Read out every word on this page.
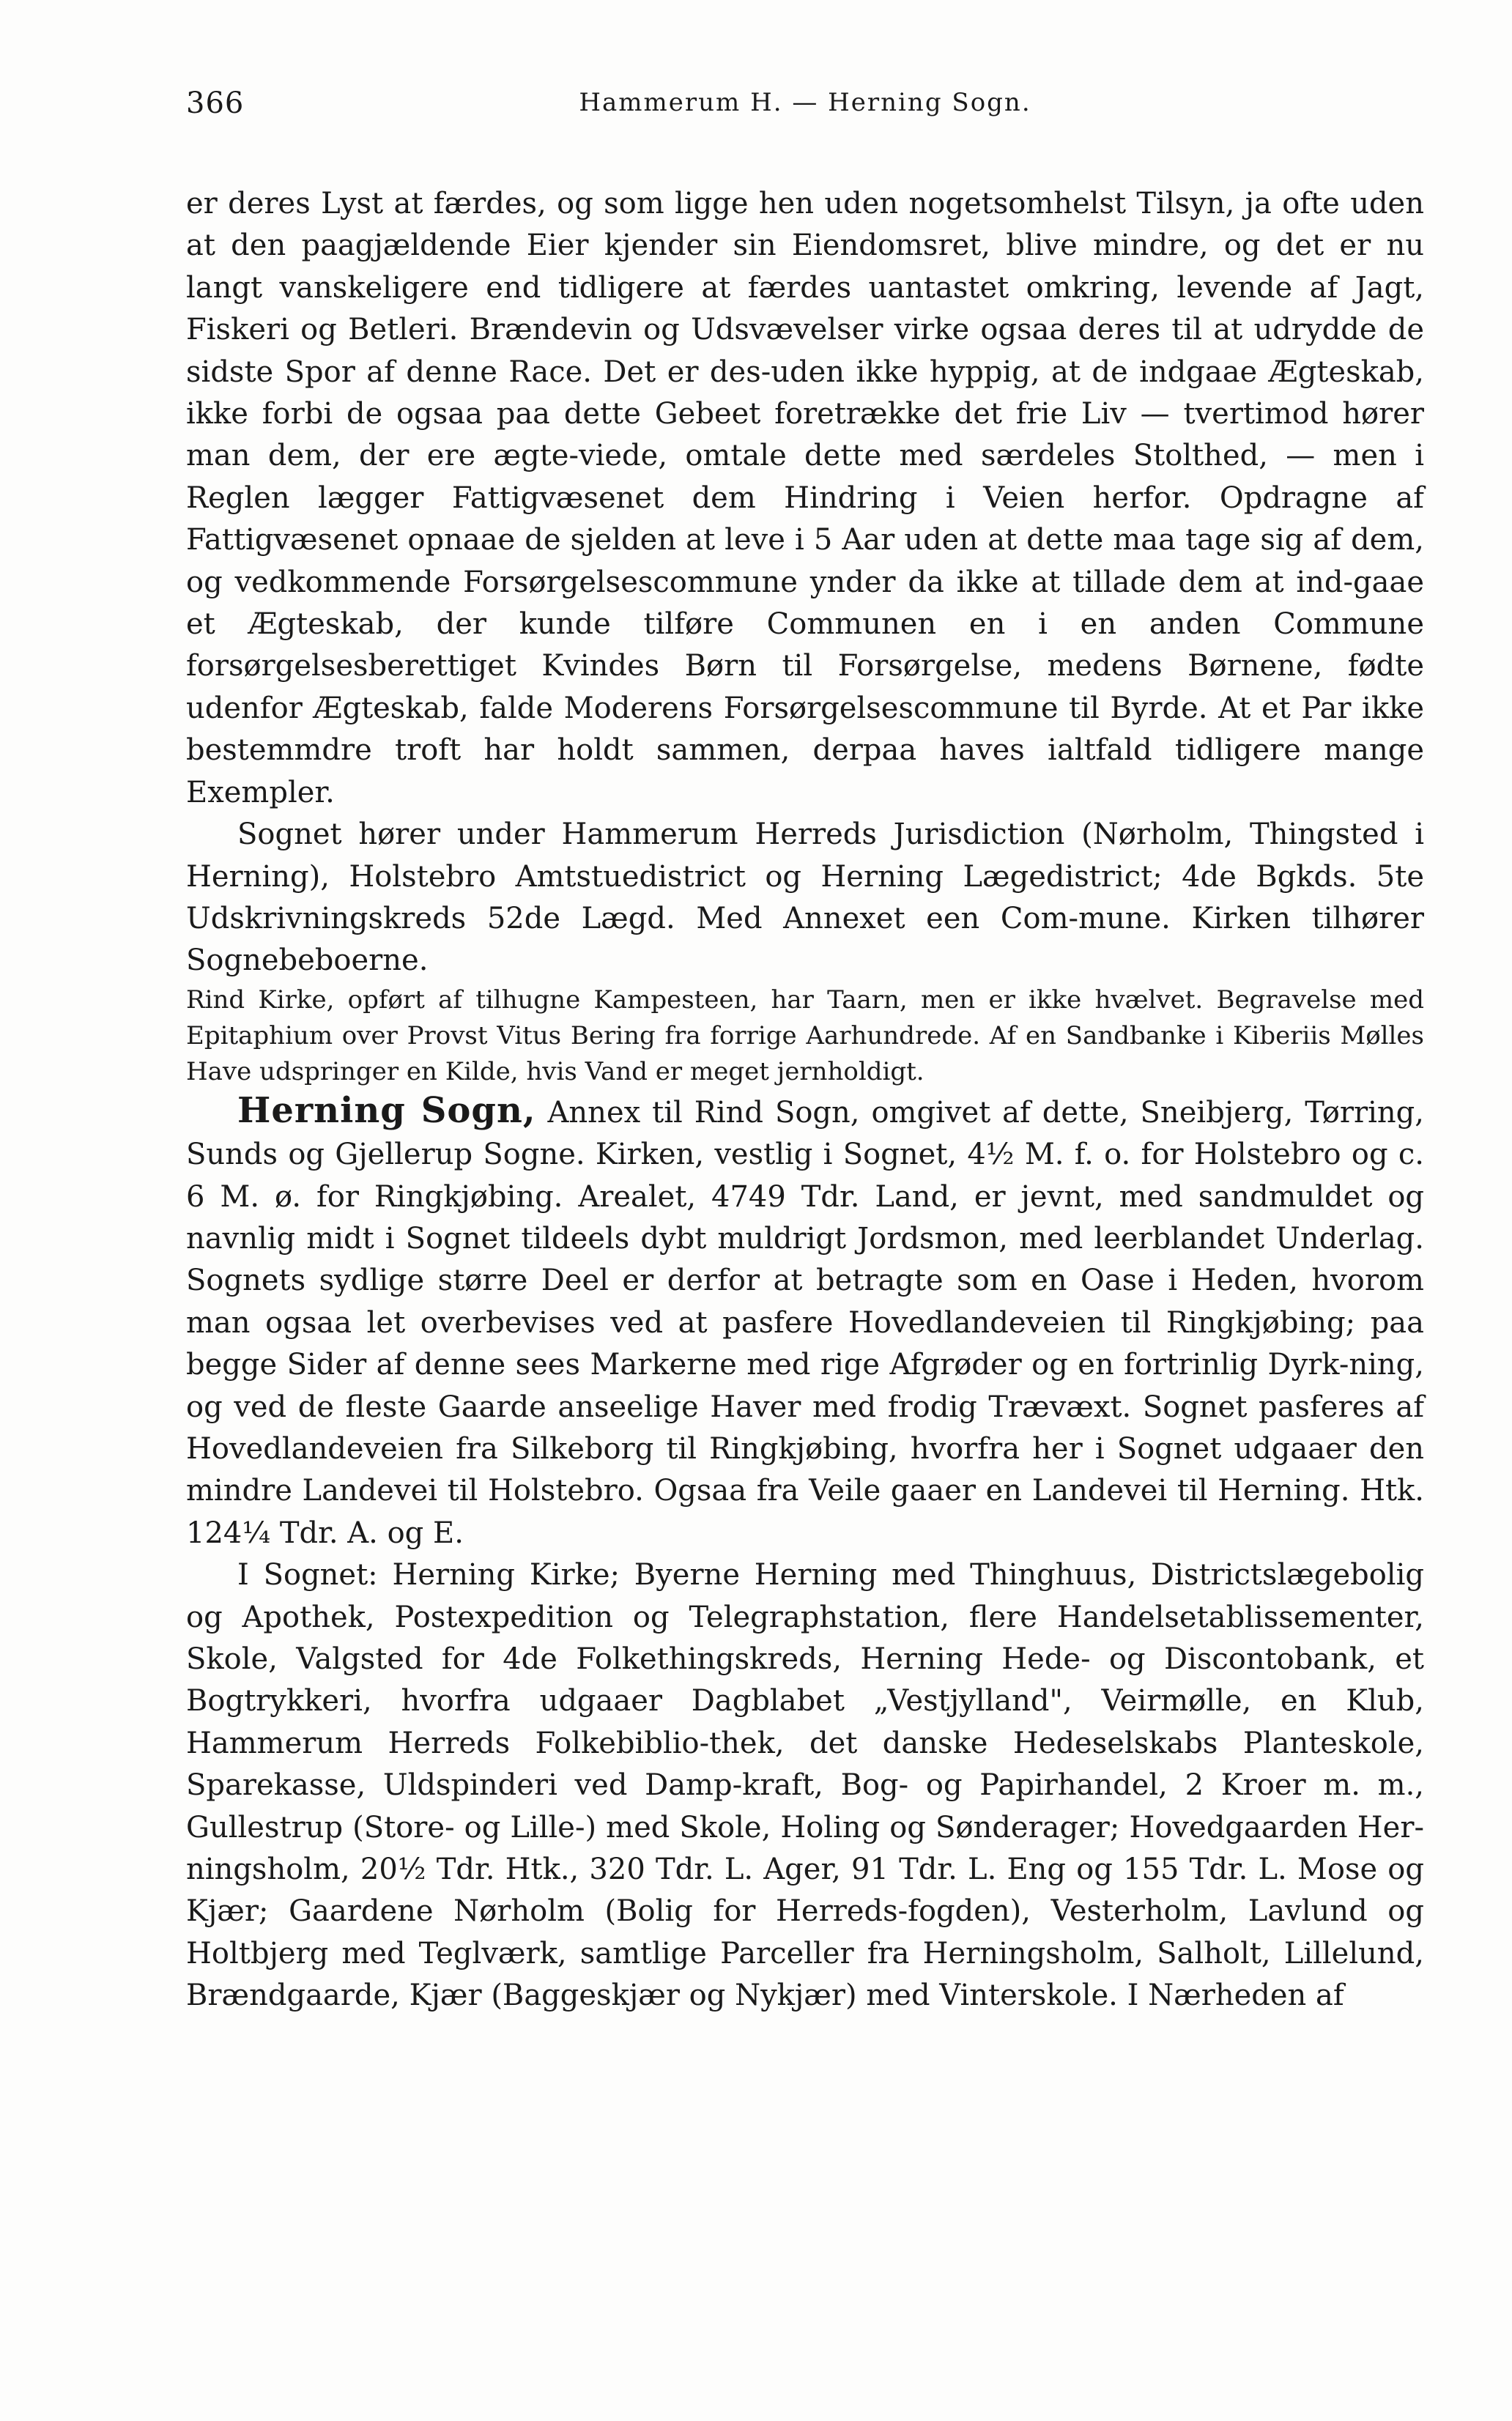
366	Hammerum H. — Herning Sogn.

er deres Lyst at færdes, og som ligge hen uden nogetsomhelst Tilsyn, ja ofte uden at den paagjældende Eier kjender sin Eiendomsret, blive mindre, og det er nu langt vanskeligere end tidligere at færdes uantastet omkring, levende af Jagt, Fiskeri og Betleri. Brændevin og Udsvævelser virke ogsaa deres til at udrydde de sidste Spor af denne Race. Det er des-uden ikke hyppig, at de indgaae Ægteskab, ikke forbi de ogsaa paa dette Gebeet foretrække det frie Liv — tvertimod hører man dem, der ere ægte-viede, omtale dette med særdeles Stolthed, — men i Reglen lægger Fattigvæsenet dem Hindring i Veien herfor. Opdragne af Fattigvæsenet opnaae de sjelden at leve i 5 Aar uden at dette maa tage sig af dem, og vedkommende Forsørgelsescommune ynder da ikke at tillade dem at ind-gaae et Ægteskab, der kunde tilføre Communen en i en anden Commune forsørgelsesberettiget Kvindes Børn til Forsørgelse, medens Børnene, fødte udenfor Ægteskab, falde Moderens Forsørgelsescommune til Byrde. At et Par ikke bestemmdre troft har holdt sammen, derpaa haves ialtfald tidligere mange Exempler.

Sognet hører under Hammerum Herreds Jurisdiction (Nørholm, Thingsted i Herning), Holstebro Amtstuedistrict og Herning Lægedistrict; 4de Bgkds. 5te Udskrivningskreds 52de Lægd. Med Annexet een Com-mune. Kirken tilhører Sognebeboerne.

Rind Kirke, opført af tilhugne Kampesteen, har Taarn, men er ikke hvælvet. Begravelse med Epitaphium over Provst Vitus Bering fra forrige Aarhundrede. Af en Sandbanke i Kiberiis Mølles Have udspringer en Kilde, hvis Vand er meget jernholdigt.

Herning Sogn, Annex til Rind Sogn, omgivet af dette, Sneibjerg, Tørring, Sunds og Gjellerup Sogne. Kirken, vestlig i Sognet, 4½ M. f. o. for Holstebro og c. 6 M. ø. for Ringkjøbing. Arealet, 4749 Tdr. Land, er jevnt, med sandmuldet og navnlig midt i Sognet tildeels dybt muldrigt Jordsmon, med leerblandet Underlag. Sognets sydlige større Deel er derfor at betragte som en Oase i Heden, hvorom man ogsaa let overbevises ved at pasfere Hovedlandeveien til Ringkjøbing; paa begge Sider af denne sees Markerne med rige Afgrøder og en fortrinlig Dyrk-ning, og ved de fleste Gaarde anseelige Haver med frodig Trævæxt. Sognet pasferes af Hovedlandeveien fra Silkeborg til Ringkjøbing, hvorfra her i Sognet udgaaer den mindre Landevei til Holstebro. Ogsaa fra Veile gaaer en Landevei til Herning. Htk. 124¼ Tdr. A. og E.

I Sognet: Herning Kirke; Byerne Herning med Thinghuus, Districtslægebolig og Apothek, Postexpedition og Telegraphstation, flere Handelsetablissementer, Skole, Valgsted for 4de Folkethingskreds, Herning Hede- og Discontobank, et Bogtrykkeri, hvorfra udgaaer Dagblabet „Vestjylland", Veirmølle, en Klub, Hammerum Herreds Folkebiblio-thek, det danske Hedeselskabs Planteskole, Sparekasse, Uldspinderi ved Damp-kraft, Bog- og Papirhandel, 2 Kroer m. m., Gullestrup (Store- og Lille-) med Skole, Holing og Sønderager; Hovedgaarden Her-ningsholm, 20½ Tdr. Htk., 320 Tdr. L. Ager, 91 Tdr. L. Eng og 155 Tdr. L. Mose og Kjær; Gaardene Nørholm (Bolig for Herreds-fogden), Vesterholm, Lavlund og Holtbjerg med Teglværk, samtlige Parceller fra Herningsholm, Salholt, Lillelund, Brændgaarde, Kjær (Baggeskjær og Nykjær) med Vinterskole. I Nærheden af
